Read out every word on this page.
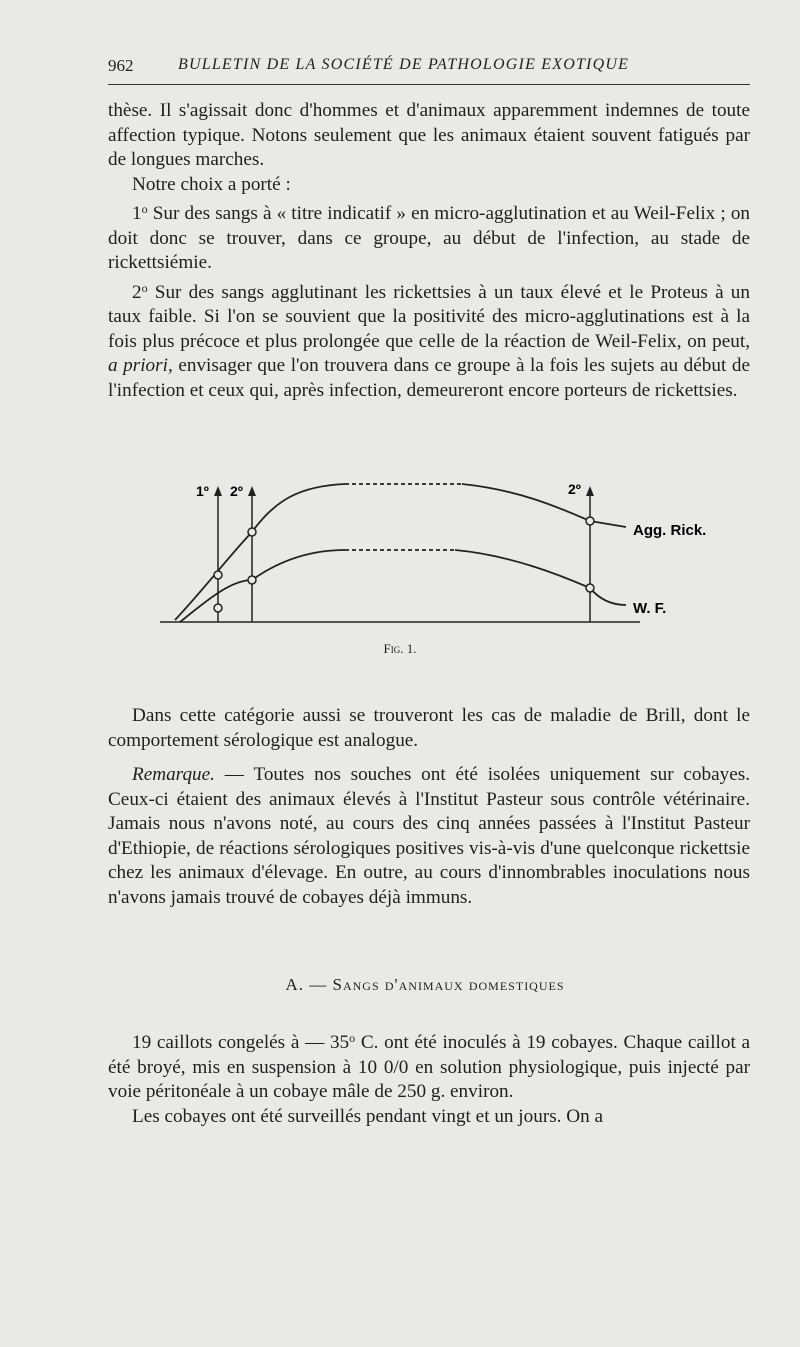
962	BULLETIN DE LA SOCIÉTÉ DE PATHOLOGIE EXOTIQUE

thèse. Il s'agissait donc d'hommes et d'animaux apparemment indemnes de toute affection typique. Notons seulement que les animaux étaient souvent fatigués par de longues marches.

Notre choix a porté :

1$^o$ Sur des sangs à « titre indicatif » en micro-agglutination et au Weil-Felix ; on doit donc se trouver, dans ce groupe, au début de l'infection, au stade de rickettsiémie.

2$^o$ Sur des sangs agglutinant les rickettsies à un taux élevé et le Proteus à un taux faible. Si l'on se souvient que la positivité des micro-agglutinations est à la fois plus précoce et plus prolongée que celle de la réaction de Weil-Felix, on peut, a priori, envisager que l'on trouvera dans ce groupe à la fois les sujets au début de l'infection et ceux qui, après infection, demeureront encore porteurs de rickettsies.

1º 2º	2º
Agg. Rick.
W. F.
Fig. 1.

Dans cette catégorie aussi se trouveront les cas de maladie de Brill, dont le comportement sérologique est analogue.

Remarque. — Toutes nos souches ont été isolées uniquement sur cobayes. Ceux-ci étaient des animaux élevés à l'Institut Pasteur sous contrôle vétérinaire. Jamais nous n'avons noté, au cours des cinq années passées à l'Institut Pasteur d'Ethiopie, de réactions sérologiques positives vis-à-vis d'une quelconque rickettsie chez les animaux d'élevage. En outre, au cours d'innombrables inoculations nous n'avons jamais trouvé de cobayes déjà immuns.

A. — Sangs d'animaux domestiques

19 caillots congelés à — 35$^o$ C. ont été inoculés à 19 cobayes. Chaque caillot a été broyé, mis en suspension à 10 0/0 en solution physiologique, puis injecté par voie péritonéale à un cobaye mâle de 250 g. environ.

Les cobayes ont été surveillés pendant vingt et un jours. On a
